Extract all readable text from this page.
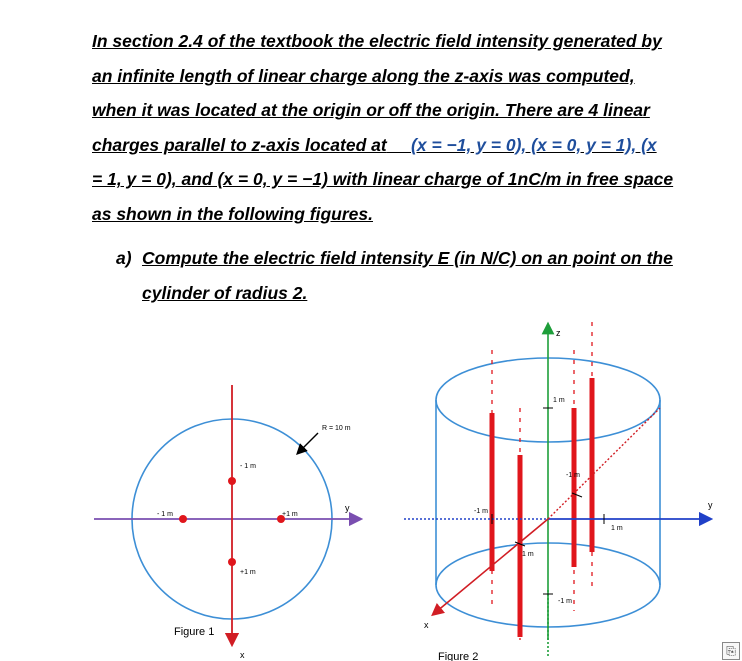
In section 2.4 of the textbook the electric field intensity generated by
an infinite length of linear charge along the z-axis was computed,
when it was located at the origin or off the origin. There are 4 linear
charges parallel to z-axis located at (x = −1, y = 0), (x = 0, y = 1), (x
= 1, y = 0), and (x = 0, y = −1) with linear charge of 1nC/m in free space
as shown in the following figures.
a) Compute the electric field intensity E (in N/C) on an point on the
cylinder of radius 2.
R = 10 m
- 1 m
- 1 m	+1 m
+1 m
y
x
Figure 1
z
y
x
1 m
-1 m
-1 m
1 m
1 m
-1 m
Figure 2	⎘
